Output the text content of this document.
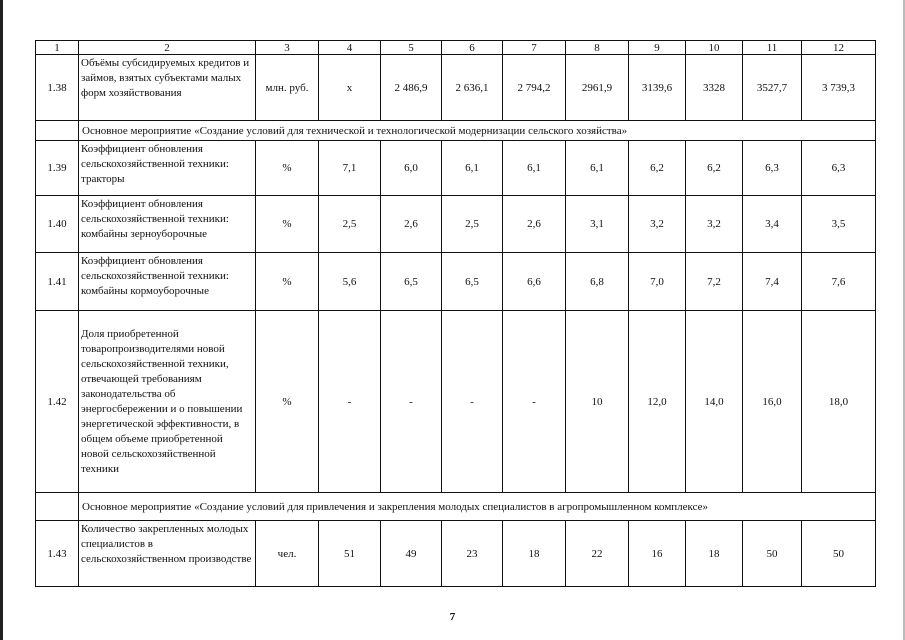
1	2	3	4	5	6	7	8	9	10	11	12
1.38	Объёмы субсидируемых кредитов и займов, взятых субъектами малых форм хозяйствования	млн. руб.	х	2 486,9	2 636,1	2 794,2	2961,9	3139,6	3328	3527,7	3 739,3
	Основное мероприятие «Создание условий для технической и технологической модернизации сельского хозяйства»										
1.39	Коэффициент обновления сельскохозяйственной техники: тракторы	%	7,1	6,0	6,1	6,1	6,1	6,2	6,2	6,3	6,3
1.40	Коэффициент обновления сельскохозяйственной техники: комбайны зерноуборочные	%	2,5	2,6	2,5	2,6	3,1	3,2	3,2	3,4	3,5
1.41	Коэффициент обновления сельскохозяйственной техники: комбайны кормоуборочные	%	5,6	6,5	6,5	6,6	6,8	7,0	7,2	7,4	7,6
1.42	Доля приобретенной товаропроизводителями новой сельскохозяйственной техники, отвечающей требованиям законодательства об энергосбережении и о повышении энергетической эффективности, в общем объеме приобретенной новой сельскохозяйственной техники	%	-	-	-	-	10	12,0	14,0	16,0	18,0
	Основное мероприятие «Создание условий для привлечения и закрепления молодых специалистов в агропромышленном комплексе»										
1.43	Количество закрепленных молодых специалистов в сельскохозяйственном производстве	чел.	51	49	23	18	22	16	18	50	50
7
